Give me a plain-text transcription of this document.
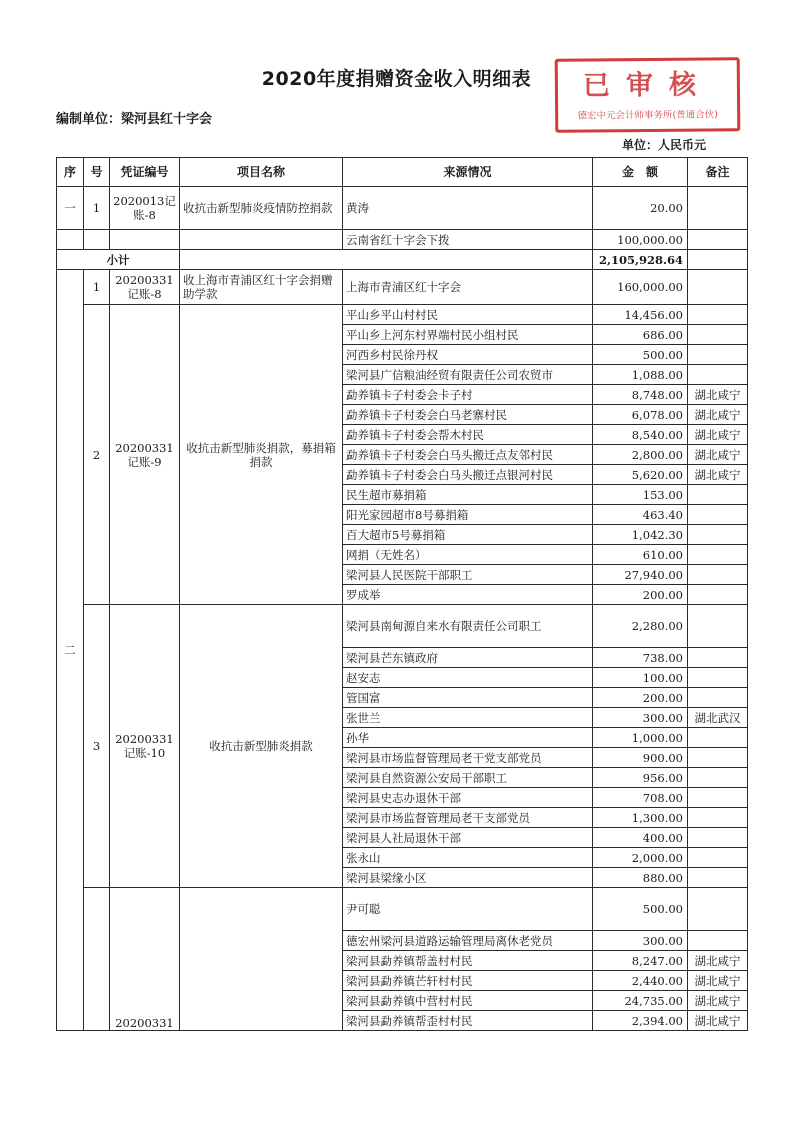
2020年度捐赠资金收入明细表
编制单位：梁河县红十字会
单位：人民币元
已审核
德宏中元会计师事务所(普通合伙)
序	号	凭证编号	项目名称	来源情况	金　额	备注
一	1	2020013记账-8	收抗击新型肺炎疫情防控捐款	黄涛	20.00	
				云南省红十字会下拨	100,000.00	
小计					2,105,928.64	
二	1	20200331记账-8	收上海市青浦区红十字会捐赠助学款	上海市青浦区红十字会	160,000.00	
	2	20200331记账-9	收抗击新型肺炎捐款，募捐箱捐款	平山乡平山村村民	14,456.00	
				平山乡上河东村界端村民小组村民	686.00	
				河西乡村民徐丹权	500.00	
				梁河县广信粮油经贸有限责任公司农贸市	1,088.00	
				勐养镇卡子村委会卡子村	8,748.00	湖北咸宁
				勐养镇卡子村委会白马老寨村民	6,078.00	湖北咸宁
				勐养镇卡子村委会帮木村民	8,540.00	湖北咸宁
				勐养镇卡子村委会白马头搬迁点友邻村民	2,800.00	湖北咸宁
				勐养镇卡子村委会白马头搬迁点银河村民	5,620.00	湖北咸宁
				民生超市募捐箱	153.00	
				阳光家园超市8号募捐箱	463.40	
				百大超市5号募捐箱	1,042.30	
				网捐（无姓名）	610.00	
				梁河县人民医院干部职工	27,940.00	
				罗成举	200.00	
	3	20200331记账-10	收抗击新型肺炎捐款	梁河县南甸源自来水有限责任公司职工	2,280.00	
				梁河县芒东镇政府	738.00	
				赵安志	100.00	
				管国富	200.00	
				张世兰	300.00	湖北武汉
				孙华	1,000.00	
				梁河县市场监督管理局老干党支部党员	900.00	
				梁河县自然资源公安局干部职工	956.00	
				梁河县史志办退休干部	708.00	
				梁河县市场监督管理局老干支部党员	1,300.00	
				梁河县人社局退休干部	400.00	
				张永山	2,000.00	
				梁河县梁缘小区	880.00	
		20200331		尹可聪	500.00	
				德宏州梁河县道路运输管理局离休老党员	300.00	
				梁河县勐养镇帮盖村村民	8,247.00	湖北咸宁
				梁河县勐养镇芒轩村村民	2,440.00	湖北咸宁
				梁河县勐养镇中营村村民	24,735.00	湖北咸宁
				梁河县勐养镇帮歪村村民	2,394.00	湖北咸宁
